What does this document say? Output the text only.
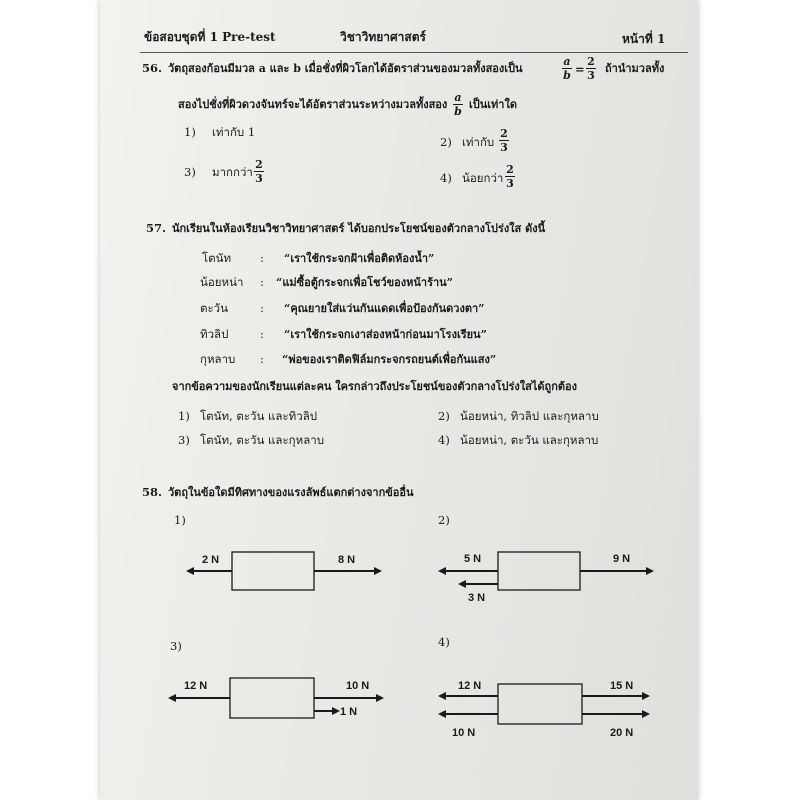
ข้อสอบชุดที่ 1 Pre-test	วิชาวิทยาศาสตร์	หน้าที่ 1
56. วัตถุสองก้อนมีมวล a และ b เมื่อชั่งที่ผิวโลกได้อัตราส่วนของมวลทั้งสองเป็น
a
b =
2
3
ถ้านำมวลทั้ง
สองไปชั่งที่ผิวดวงจันทร์จะได้อัตราส่วนระหว่างมวลทั้งสอง
a
b
เป็นเท่าใด
1) เท่ากับ 1
2) เท่ากับ
2
3
3) มากกว่า
2
3	4) น้อยกว่า
2
3
57. นักเรียนในห้องเรียนวิชาวิทยาศาสตร์ ได้บอกประโยชน์ของตัวกลางโปร่งใส ดังนี้
โตนัท	: “เราใช้กระจกฝ้าเพื่อติดห้องน้ำ”
น้อยหน่า : “แม่ซื้อตู้กระจกเพื่อโชว์ของหน้าร้าน”
ตะวัน	: “คุณยายใส่แว่นกันแดดเพื่อป้องกันดวงตา”
ทิวลิป	: “เราใช้กระจกเงาส่องหน้าก่อนมาโรงเรียน”
กุหลาบ : “พ่อของเราติดฟิล์มกระจกรถยนต์เพื่อกันแสง”
จากข้อความของนักเรียนแต่ละคน ใครกล่าวถึงประโยชน์ของตัวกลางโปร่งใสได้ถูกต้อง
1) โตนัท, ตะวัน และทิวลิป	2) น้อยหน่า, ทิวลิป และกุหลาบ
3) โตนัท, ตะวัน และกุหลาบ	4) น้อยหน่า, ตะวัน และกุหลาบ
58. วัตถุในข้อใดมีทิศทางของแรงลัพธ์แตกต่างจากข้ออื่น
1)	2)
3)	4)
2 N	8 N	5 N	9 N
3 N
12 N	10 N
1 N
12 N	15 N
10 N	20 N
